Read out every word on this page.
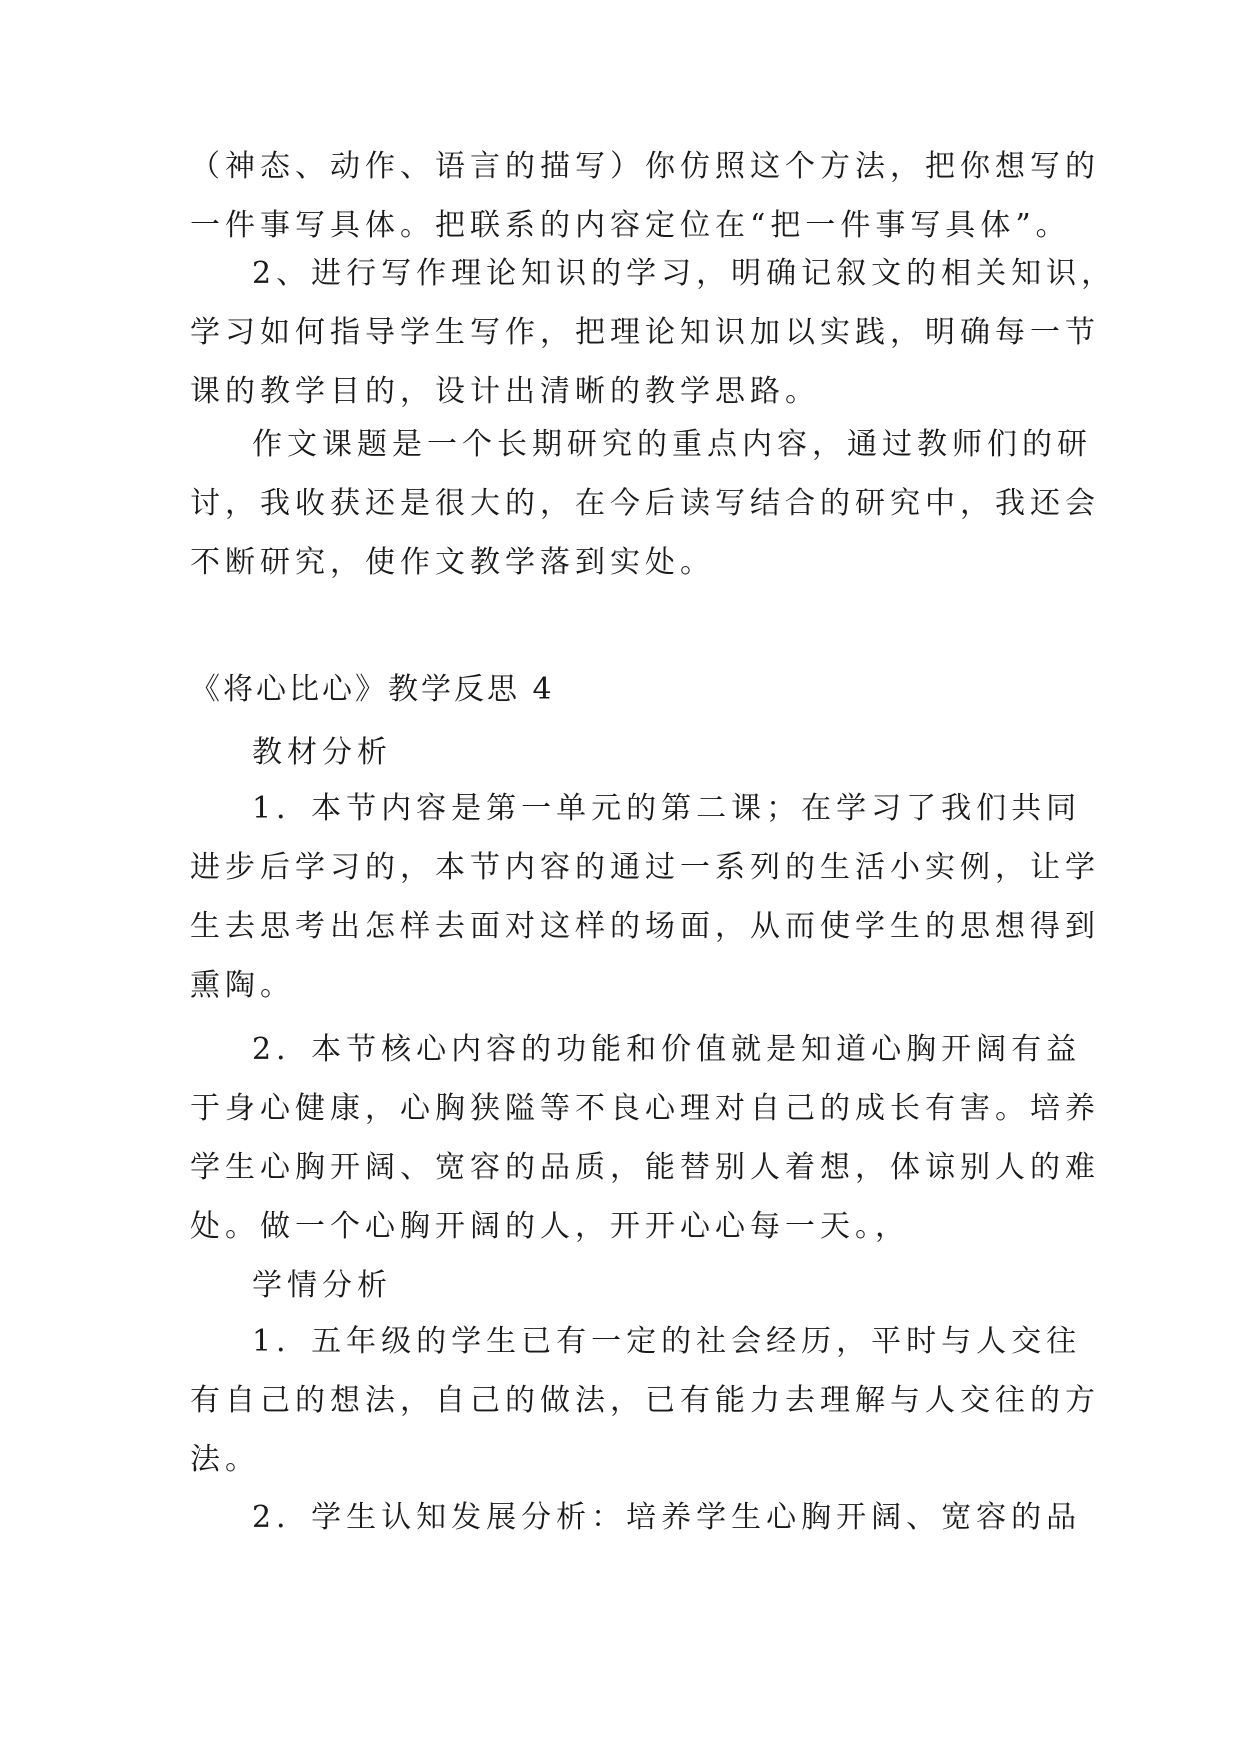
（神态、动作、语言的描写）你仿照这个方法，把你想写的
一件事写具体。把联系的内容定位在“把一件事写具体”。

2、进行写作理论知识的学习，明确记叙文的相关知识，
学习如何指导学生写作，把理论知识加以实践，明确每一节
课的教学目的，设计出清晰的教学思路。

作文课题是一个长期研究的重点内容，通过教师们的研
讨，我收获还是很大的，在今后读写结合的研究中，我还会
不断研究，使作文教学落到实处。

《将心比心》教学反思 4

教材分析

1．本节内容是第一单元的第二课；在学习了我们共同
进步后学习的，本节内容的通过一系列的生活小实例，让学
生去思考出怎样去面对这样的场面，从而使学生的思想得到
熏陶。

2．本节核心内容的功能和价值就是知道心胸开阔有益
于身心健康，心胸狭隘等不良心理对自己的成长有害。培养
学生心胸开阔、宽容的品质，能替别人着想，体谅别人的难
处。做一个心胸开阔的人，开开心心每一天。，

学情分析

1．五年级的学生已有一定的社会经历，平时与人交往
有自己的想法，自己的做法，已有能力去理解与人交往的方
法。

2．学生认知发展分析：培养学生心胸开阔、宽容的品
